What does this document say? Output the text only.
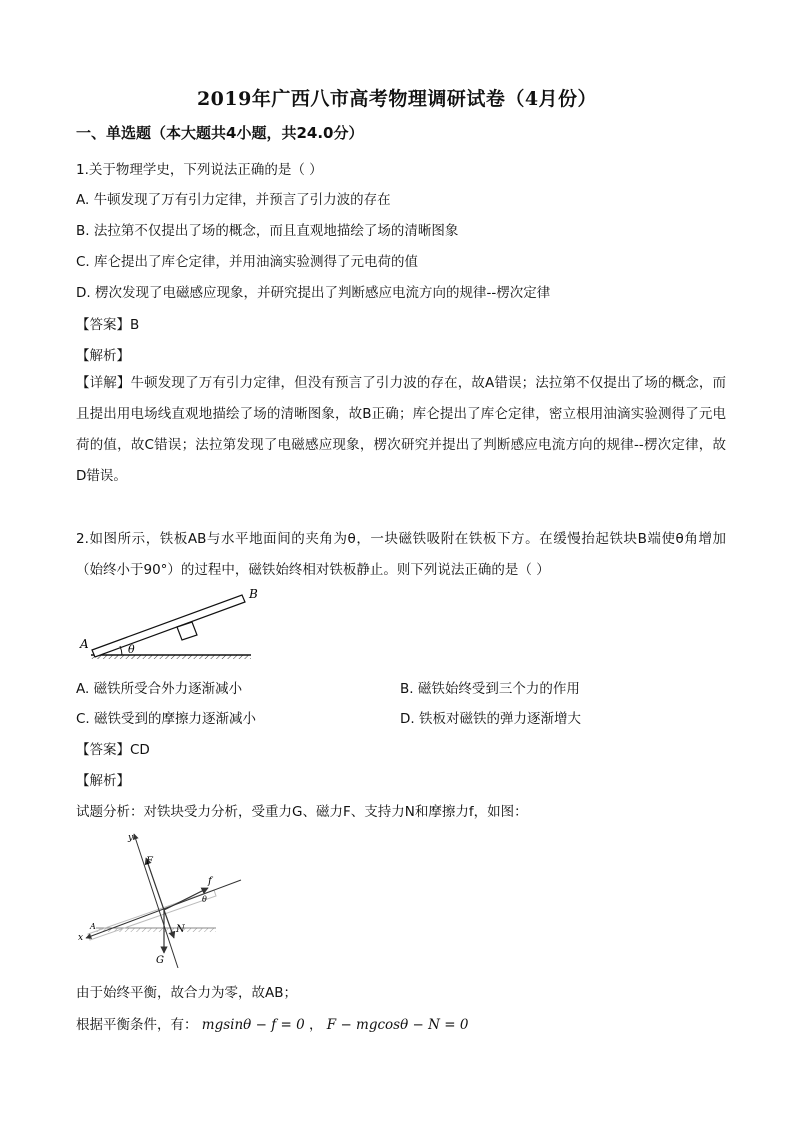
2019年广西八市高考物理调研试卷（4月份）
一、单选题（本大题共4小题，共24.0分）
1.关于物理学史，下列说法正确的是（ ）
A. 牛顿发现了万有引力定律，并预言了引力波的存在
B. 法拉第不仅提出了场的概念，而且直观地描绘了场的清晰图象
C. 库仑提出了库仑定律，并用油滴实验测得了元电荷的值
D. 楞次发现了电磁感应现象，并研究提出了判断感应电流方向的规律--楞次定律
【答案】B
【解析】
【详解】牛顿发现了万有引力定律，但没有预言了引力波的存在，故A错误；法拉第不仅提出了场的概念，而且提出用电场线直观地描绘了场的清晰图象，故B正确；库仑提出了库仑定律，密立根用油滴实验测得了元电荷的值，故C错误；法拉第发现了电磁感应现象，楞次研究并提出了判断感应电流方向的规律--楞次定律，故D错误。
2.如图所示，铁板AB与水平地面间的夹角为θ，一块磁铁吸附在铁板下方。在缓慢抬起铁块B端使θ角增加（始终小于90°）的过程中，磁铁始终相对铁板静止。则下列说法正确的是（ ）
A
B
θ
A. 磁铁所受合外力逐渐减小	B. 磁铁始终受到三个力的作用
C. 磁铁受到的摩擦力逐渐减小	D. 铁板对磁铁的弹力逐渐增大
【答案】CD
【解析】
试题分析：对铁块受力分析，受重力G、磁力F、支持力N和摩擦力f，如图：
y
F
f
θ
A
x
N
G
由于始终平衡，故合力为零，故AB；
根据平衡条件，有： mgsinθ − f = 0 ， F − mgcosθ − N = 0
